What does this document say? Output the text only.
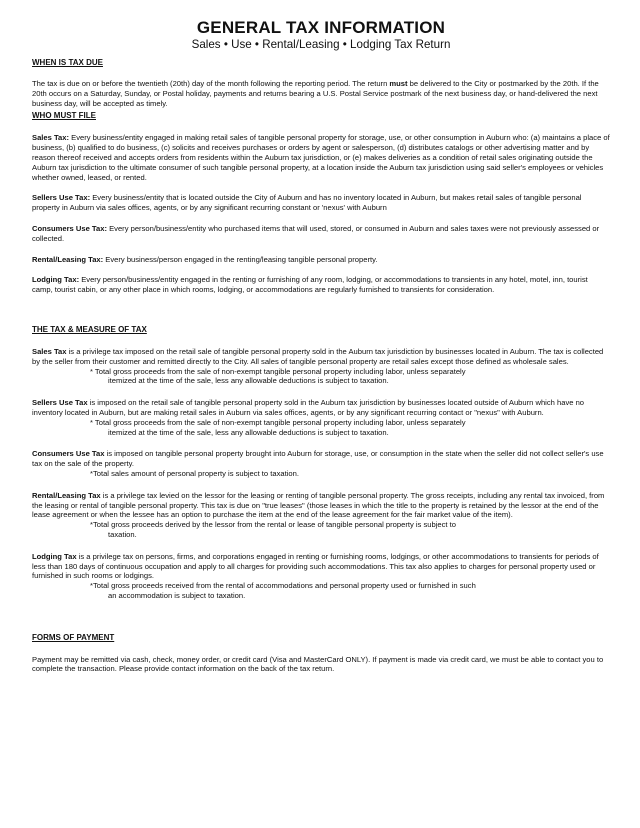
GENERAL TAX INFORMATION
Sales • Use • Rental/Leasing • Lodging Tax Return
WHEN IS TAX DUE

The tax is due on or before the twentieth (20th) day of the month following the reporting period. The return must be delivered to the City or postmarked by the 20th. If the 20th occurs on a Saturday, Sunday, or Postal holiday, payments and returns bearing a U.S. Postal Service postmark of the next business day, or hand-delivered the next business day, will be accepted as timely.

WHO MUST FILE

Sales Tax: Every business/entity engaged in making retail sales of tangible personal property for storage, use, or other consumption in Auburn who: (a) maintains a place of business, (b) qualified to do business, (c) solicits and receives purchases or orders by agent or salesperson, (d) distributes catalogs or other advertising matter and by reason thereof received and accepts orders from residents within the Auburn tax jurisdiction, or (e) makes deliveries as a condition of retail sales originating outside the Auburn tax jurisdiction to the ultimate consumer of such tangible personal property, at a location inside the Auburn tax jurisdiction using said seller's employees or vehicles whether owned, leased, or rented.

Sellers Use Tax: Every business/entity that is located outside the City of Auburn and has no inventory located in Auburn, but makes retail sales of tangible personal property in Auburn via sales offices, agents, or by any significant recurring constant or 'nexus' with Auburn

Consumers Use Tax: Every person/business/entity who purchased items that will used, stored, or consumed in Auburn and sales taxes were not previously assessed or collected.

Rental/Leasing Tax: Every business/person engaged in the renting/leasing tangible personal property.

Lodging Tax: Every person/business/entity engaged in the renting or furnishing of any room, lodging, or accommodations to transients in any hotel, motel, inn, tourist camp, tourist cabin, or any other place in which rooms, lodging, or accommodations are regularly furnished to transients for consideration.

THE TAX & MEASURE OF TAX

Sales Tax is a privilege tax imposed on the retail sale of tangible personal property sold in the Auburn tax jurisdiction by businesses located in Auburn. The tax is collected by the seller from their customer and remitted directly to the City. All sales of tangible personal property are retail sales except those defined as wholesale sales.

* Total gross proceeds from the sale of non-exempt tangible personal property including labor, unless separately
itemized at the time of the sale, less any allowable deductions is subject to taxation.

Sellers Use Tax is imposed on the retail sale of tangible personal property sold in the Auburn tax jurisdiction by businesses located outside of Auburn which have no inventory located in Auburn, but are making retail sales in Auburn via sales offices, agents, or by any significant recurring contact or "nexus" with Auburn.

* Total gross proceeds from the sale of non-exempt tangible personal property including labor, unless separately
itemized at the time of the sale, less any allowable deductions is subject to taxation.

Consumers Use Tax is imposed on tangible personal property brought into Auburn for storage, use, or consumption in the state when the seller did not collect seller's use tax on the sale of the property.

*Total sales amount of personal property is subject to taxation.

Rental/Leasing Tax is a privilege tax levied on the lessor for the leasing or renting of tangible personal property. The gross receipts, including any rental tax invoiced, from the leasing or rental of tangible personal property. This tax is due on "true leases" (those leases in which the title to the property is retained by the lessor at the end of the lease agreement or when the lessee has an option to purchase the item at the end of the lease agreement for the fair market value of the item).

*Total gross proceeds derived by the lessor from the rental or lease of tangible personal property is subject to
taxation.

Lodging Tax is a privilege tax on persons, firms, and corporations engaged in renting or furnishing rooms, lodgings, or other accommodations to transients for periods of less than 180 days of continuous occupation and apply to all charges for providing such accommodations. This tax also applies to charges for personal property used or furnished in such rooms or lodgings.

*Total gross proceeds received from the rental of accommodations and personal property used or furnished in such
an accommodation is subject to taxation.
FORMS OF PAYMENT

Payment may be remitted via cash, check, money order, or credit card (Visa and MasterCard ONLY). If payment is made via credit card, we must be able to contact you to complete the transaction. Please provide contact information on the back of the tax return.
